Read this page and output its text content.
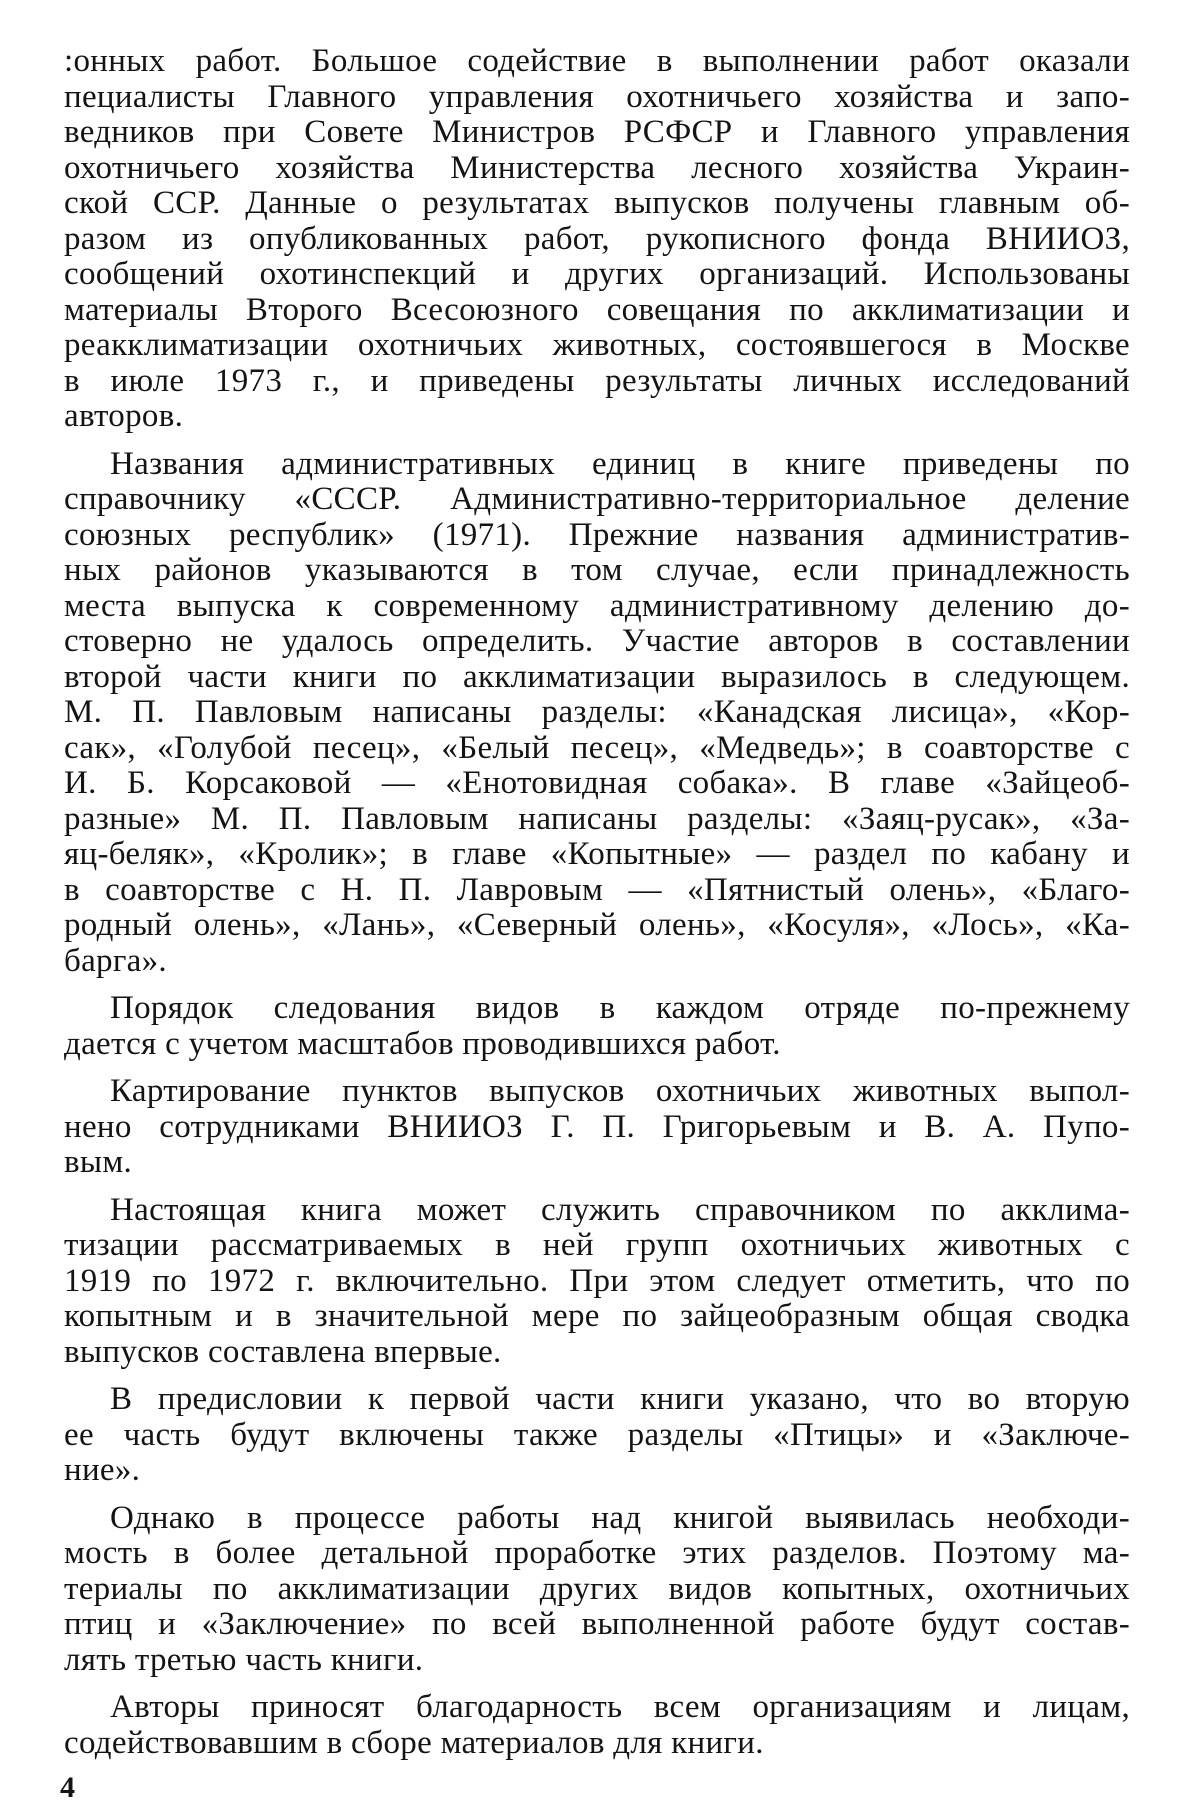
:онных работ. Большое содействие в выполнении работ оказали
пециалисты Главного управления охотничьего хозяйства и запо-
ведников при Совете Министров РСФСР и Главного управления
охотничьего хозяйства Министерства лесного хозяйства Украин-
ской ССР. Данные о результатах выпусков получены главным об-
разом из опубликованных работ, рукописного фонда ВНИИОЗ,
сообщений охотинспекций и других организаций. Использованы
материалы Второго Всесоюзного совещания по акклиматизации и
реакклиматизации охотничьих животных, состоявшегося в Москве
в июле 1973 г., и приведены результаты личных исследований
авторов.
Названия административных единиц в книге приведены по
справочнику «СССР. Административно-территориальное деление
союзных республик» (1971). Прежние названия административ-
ных районов указываются в том случае, если принадлежность
места выпуска к современному административному делению до-
стоверно не удалось определить. Участие авторов в составлении
второй части книги по акклиматизации выразилось в следующем.
М. П. Павловым написаны разделы: «Канадская лисица», «Кор-
сак», «Голубой песец», «Белый песец», «Медведь»; в соавторстве с
И. Б. Корсаковой — «Енотовидная собака». В главе «Зайцеоб-
разные» М. П. Павловым написаны разделы: «Заяц-русак», «За-
яц-беляк», «Кролик»; в главе «Копытные» — раздел по кабану и
в соавторстве с Н. П. Лавровым — «Пятнистый олень», «Благо-
родный олень», «Лань», «Северный олень», «Косуля», «Лось», «Ка-
барга».
Порядок следования видов в каждом отряде по-прежнему
дается с учетом масштабов проводившихся работ.
Картирование пунктов выпусков охотничьих животных выпол-
нено сотрудниками ВНИИОЗ Г. П. Григорьевым и В. А. Пупо-
вым.
Настоящая книга может служить справочником по акклима-
тизации рассматриваемых в ней групп охотничьих животных с
1919 по 1972 г. включительно. При этом следует отметить, что по
копытным и в значительной мере по зайцеобразным общая сводка
выпусков составлена впервые.
В предисловии к первой части книги указано, что во вторую
ее часть будут включены также разделы «Птицы» и «Заключе-
ние».
Однако в процессе работы над книгой выявилась необходи-
мость в более детальной проработке этих разделов. Поэтому ма-
териалы по акклиматизации других видов копытных, охотничьих
птиц и «Заключение» по всей выполненной работе будут состав-
лять третью часть книги.
Авторы приносят благодарность всем организациям и лицам,
содействовавшим в сборе материалов для книги.
4
